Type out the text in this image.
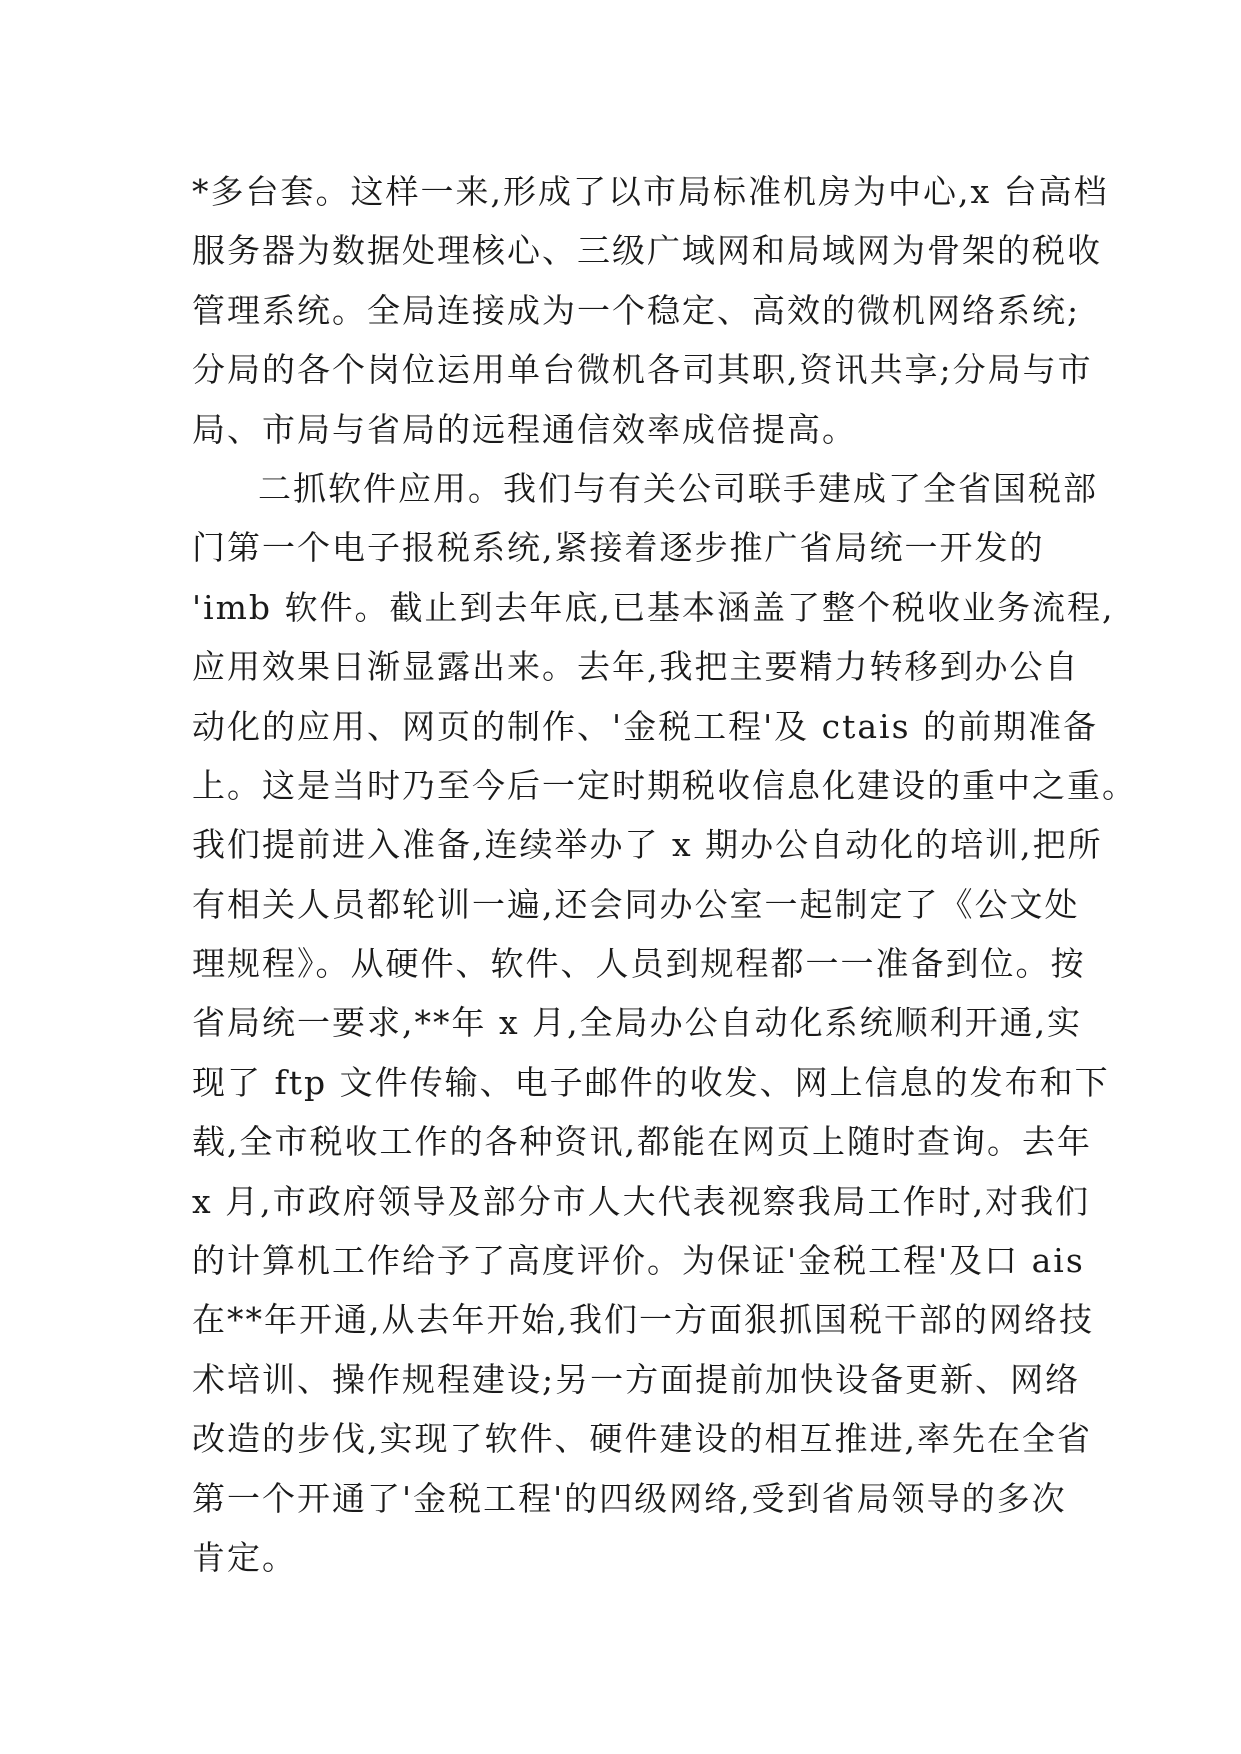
*多台套。这样一来,形成了以市局标准机房为中心,x 台高档
服务器为数据处理核心、三级广域网和局域网为骨架的税收
管理系统。全局连接成为一个稳定、高效的微机网络系统;
分局的各个岗位运用单台微机各司其职,资讯共享;分局与市
局、市局与省局的远程通信效率成倍提高。
二抓软件应用。我们与有关公司联手建成了全省国税部
门第一个电子报税系统,紧接着逐步推广省局统一开发的
'imb 软件。截止到去年底,已基本涵盖了整个税收业务流程,
应用效果日渐显露出来。去年,我把主要精力转移到办公自
动化的应用、网页的制作、'金税工程'及 ctais 的前期准备
上。这是当时乃至今后一定时期税收信息化建设的重中之重。
我们提前进入准备,连续举办了 x 期办公自动化的培训,把所
有相关人员都轮训一遍,还会同办公室一起制定了《公文处
理规程》。从硬件、软件、人员到规程都一一准备到位。按
省局统一要求,**年 x 月,全局办公自动化系统顺利开通,实
现了 ftp 文件传输、电子邮件的收发、网上信息的发布和下
载,全市税收工作的各种资讯,都能在网页上随时查询。去年
x 月,市政府领导及部分市人大代表视察我局工作时,对我们
的计算机工作给予了高度评价。为保证'金税工程'及口 ais
在**年开通,从去年开始,我们一方面狠抓国税干部的网络技
术培训、操作规程建设;另一方面提前加快设备更新、网络
改造的步伐,实现了软件、硬件建设的相互推进,率先在全省
第一个开通了'金税工程'的四级网络,受到省局领导的多次
肯定。
